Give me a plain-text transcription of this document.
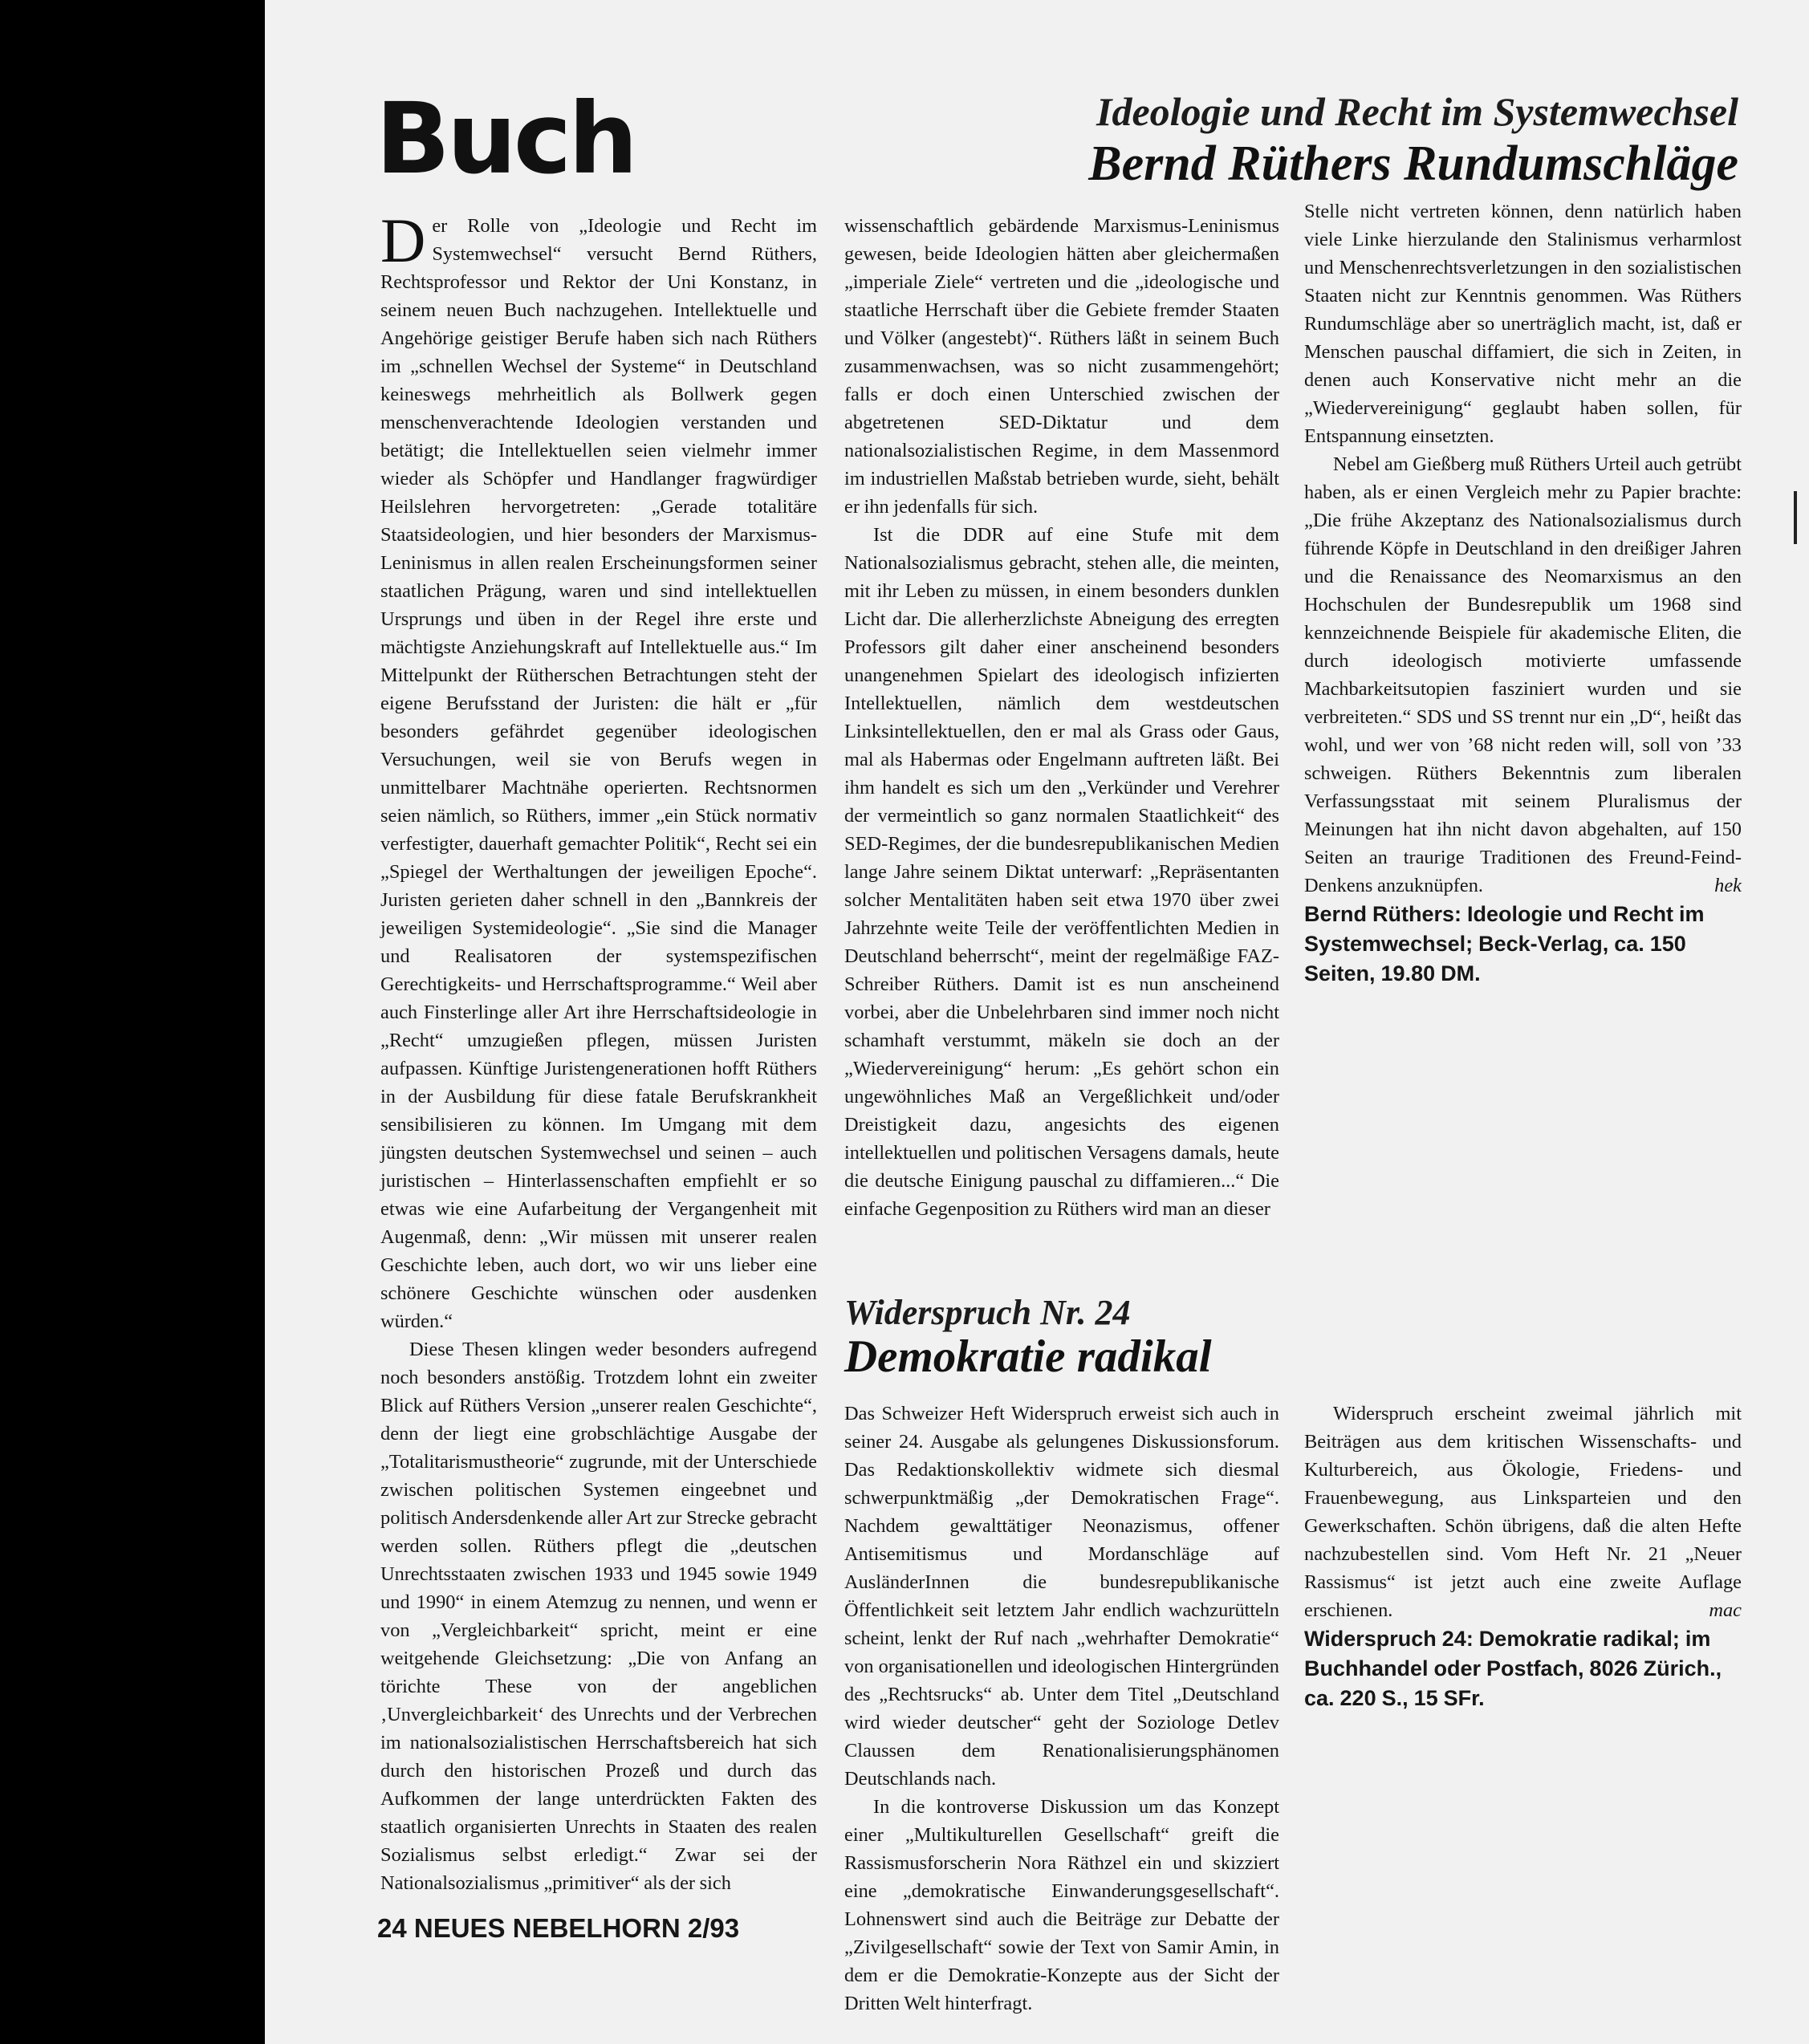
Buch	Ideologie und Recht im Systemwechsel
Bernd Rüthers Rundumschläge

Der Rolle von „Ideologie und Recht im Systemwechsel“ versucht Bernd Rüthers, Rechtsprofessor und Rektor der Uni Konstanz, in seinem neuen Buch nachzugehen. Intellektuelle und Angehörige geistiger Berufe haben sich nach Rüthers im „schnellen Wechsel der Systeme“ in Deutschland keineswegs mehrheitlich als Bollwerk gegen menschenverachtende Ideologien verstanden und betätigt; die Intellektuellen seien vielmehr immer wieder als Schöpfer und Handlanger fragwürdiger Heilslehren hervorgetreten: „Gerade totalitäre Staatsideologien, und hier besonders der Marxismus-Leninismus in allen realen Erscheinungsformen seiner staatlichen Prägung, waren und sind intellektuellen Ursprungs und üben in der Regel ihre erste und mächtigste Anziehungskraft auf Intellektuelle aus.“ Im Mittelpunkt der Rütherschen Betrachtungen steht der eigene Berufsstand der Juristen: die hält er „für besonders gefährdet gegenüber ideologischen Versuchungen, weil sie von Berufs wegen in unmittelbarer Machtnähe operierten. Rechtsnormen seien nämlich, so Rüthers, immer „ein Stück normativ verfestigter, dauerhaft gemachter Politik“, Recht sei ein „Spiegel der Werthaltungen der jeweiligen Epoche“. Juristen gerieten daher schnell in den „Bannkreis der jeweiligen Systemideologie“. „Sie sind die Manager und Realisatoren der systemspezifischen Gerechtigkeits- und Herrschaftsprogramme.“ Weil aber auch Finsterlinge aller Art ihre Herrschaftsideologie in „Recht“ umzugießen pflegen, müssen Juristen aufpassen. Künftige Juristengenerationen hofft Rüthers in der Ausbildung für diese fatale Berufskrankheit sensibilisieren zu können. Im Umgang mit dem jüngsten deutschen Systemwechsel und seinen – auch juristischen – Hinterlassenschaften empfiehlt er so etwas wie eine Aufarbeitung der Vergangenheit mit Augenmaß, denn: „Wir müssen mit unserer realen Geschichte leben, auch dort, wo wir uns lieber eine schönere Geschichte wünschen oder ausdenken würden.“

Diese Thesen klingen weder besonders aufregend noch besonders anstößig. Trotzdem lohnt ein zweiter Blick auf Rüthers Version „unserer realen Geschichte“, denn der liegt eine grobschlächtige Ausgabe der „Totalitarismustheorie“ zugrunde, mit der Unterschiede zwischen politischen Systemen eingeebnet und politisch Andersdenkende aller Art zur Strecke gebracht werden sollen. Rüthers pflegt die „deutschen Unrechtsstaaten zwischen 1933 und 1945 sowie 1949 und 1990“ in einem Atemzug zu nennen, und wenn er von „Vergleichbarkeit“ spricht, meint er eine weitgehende Gleichsetzung: „Die von Anfang an törichte These von der angeblichen ‚Unvergleichbarkeit‘ des Unrechts und der Verbrechen im nationalsozialistischen Herrschaftsbereich hat sich durch den historischen Prozeß und durch das Aufkommen der lange unterdrückten Fakten des staatlich organisierten Unrechts in Staaten des realen Sozialismus selbst erledigt.“ Zwar sei der Nationalsozialismus „primitiver“ als der sich

wissenschaftlich gebärdende Marxismus-Leninismus gewesen, beide Ideologien hätten aber gleichermaßen „imperiale Ziele“ vertreten und die „ideologische und staatliche Herrschaft über die Gebiete fremder Staaten und Völker (angestebt)“. Rüthers läßt in seinem Buch zusammenwachsen, was so nicht zusammengehört; falls er doch einen Unterschied zwischen der abgetretenen SED-Diktatur und dem nationalsozialistischen Regime, in dem Massenmord im industriellen Maßstab betrieben wurde, sieht, behält er ihn jedenfalls für sich.

Ist die DDR auf eine Stufe mit dem Nationalsozialismus gebracht, stehen alle, die meinten, mit ihr Leben zu müssen, in einem besonders dunklen Licht dar. Die allerherzlichste Abneigung des erregten Professors gilt daher einer anscheinend besonders unangenehmen Spielart des ideologisch infizierten Intellektuellen, nämlich dem westdeutschen Linksintellektuellen, den er mal als Grass oder Gaus, mal als Habermas oder Engelmann auftreten läßt. Bei ihm handelt es sich um den „Verkünder und Verehrer der vermeintlich so ganz normalen Staatlichkeit“ des SED-Regimes, der die bundesrepublikanischen Medien lange Jahre seinem Diktat unterwarf: „Repräsentanten solcher Mentalitäten haben seit etwa 1970 über zwei Jahrzehnte weite Teile der veröffentlichten Medien in Deutschland beherrscht“, meint der regelmäßige FAZ-Schreiber Rüthers. Damit ist es nun anscheinend vorbei, aber die Unbelehrbaren sind immer noch nicht schamhaft verstummt, mäkeln sie doch an der „Wiedervereinigung“ herum: „Es gehört schon ein ungewöhnliches Maß an Vergeßlichkeit und/oder Dreistigkeit dazu, angesichts des eigenen intellektuellen und politischen Versagens damals, heute die deutsche Einigung pauschal zu diffamieren...“ Die einfache Gegenposition zu Rüthers wird man an dieser

Stelle nicht vertreten können, denn natürlich haben viele Linke hierzulande den Stalinismus verharmlost und Menschenrechtsverletzungen in den sozialistischen Staaten nicht zur Kenntnis genommen. Was Rüthers Rundumschläge aber so unerträglich macht, ist, daß er Menschen pauschal diffamiert, die sich in Zeiten, in denen auch Konservative nicht mehr an die „Wiedervereinigung“ geglaubt haben sollen, für Entspannung einsetzten.

Nebel am Gießberg muß Rüthers Urteil auch getrübt haben, als er einen Vergleich mehr zu Papier brachte: „Die frühe Akzeptanz des Nationalsozialismus durch führende Köpfe in Deutschland in den dreißiger Jahren und die Renaissance des Neomarxismus an den Hochschulen der Bundesrepublik um 1968 sind kennzeichnende Beispiele für akademische Eliten, die durch ideologisch motivierte umfassende Machbarkeitsutopien fasziniert wurden und sie verbreiteten.“ SDS und SS trennt nur ein „D“, heißt das wohl, und wer von ’68 nicht reden will, soll von ’33 schweigen. Rüthers Bekenntnis zum liberalen Verfassungsstaat mit seinem Pluralismus der Meinungen hat ihn nicht davon abgehalten, auf 150 Seiten an traurige Traditionen des Freund-Feind-Denkens anzuknüpfen.	hek

Bernd Rüthers: Ideologie und Recht im Systemwechsel; Beck-Verlag, ca. 150 Seiten, 19.80 DM.

Widerspruch Nr. 24
Demokratie radikal

Das Schweizer Heft Widerspruch erweist sich auch in seiner 24. Ausgabe als gelungenes Diskussionsforum. Das Redaktionskollektiv widmete sich diesmal schwerpunktmäßig „der Demokratischen Frage“. Nachdem gewalttätiger Neonazismus, offener Antisemitismus und Mordanschläge auf AusländerInnen die bundesrepublikanische Öffentlichkeit seit letztem Jahr endlich wachzurütteln scheint, lenkt der Ruf nach „wehrhafter Demokratie“ von organisationellen und ideologischen Hintergründen des „Rechtsrucks“ ab. Unter dem Titel „Deutschland wird wieder deutscher“ geht der Soziologe Detlev Claussen dem Renationalisierungsphänomen Deutschlands nach.

In die kontroverse Diskussion um das Konzept einer „Multikulturellen Gesellschaft“ greift die Rassismusforscherin Nora Räthzel ein und skizziert eine „demokratische Einwanderungsgesellschaft“. Lohnenswert sind auch die Beiträge zur Debatte der „Zivilgesellschaft“ sowie der Text von Samir Amin, in dem er die Demokratie-Konzepte aus der Sicht der Dritten Welt hinterfragt.

Widerspruch erscheint zweimal jährlich mit Beiträgen aus dem kritischen Wissenschafts- und Kulturbereich, aus Ökologie, Friedens- und Frauenbewegung, aus Linksparteien und den Gewerkschaften. Schön übrigens, daß die alten Hefte nachzubestellen sind. Vom Heft Nr. 21 „Neuer Rassismus“ ist jetzt auch eine zweite Auflage erschienen.	mac

Widerspruch 24: Demokratie radikal; im Buchhandel oder Postfach, 8026 Zürich., ca. 220 S., 15 SFr.

24 NEUES NEBELHORN 2/93
